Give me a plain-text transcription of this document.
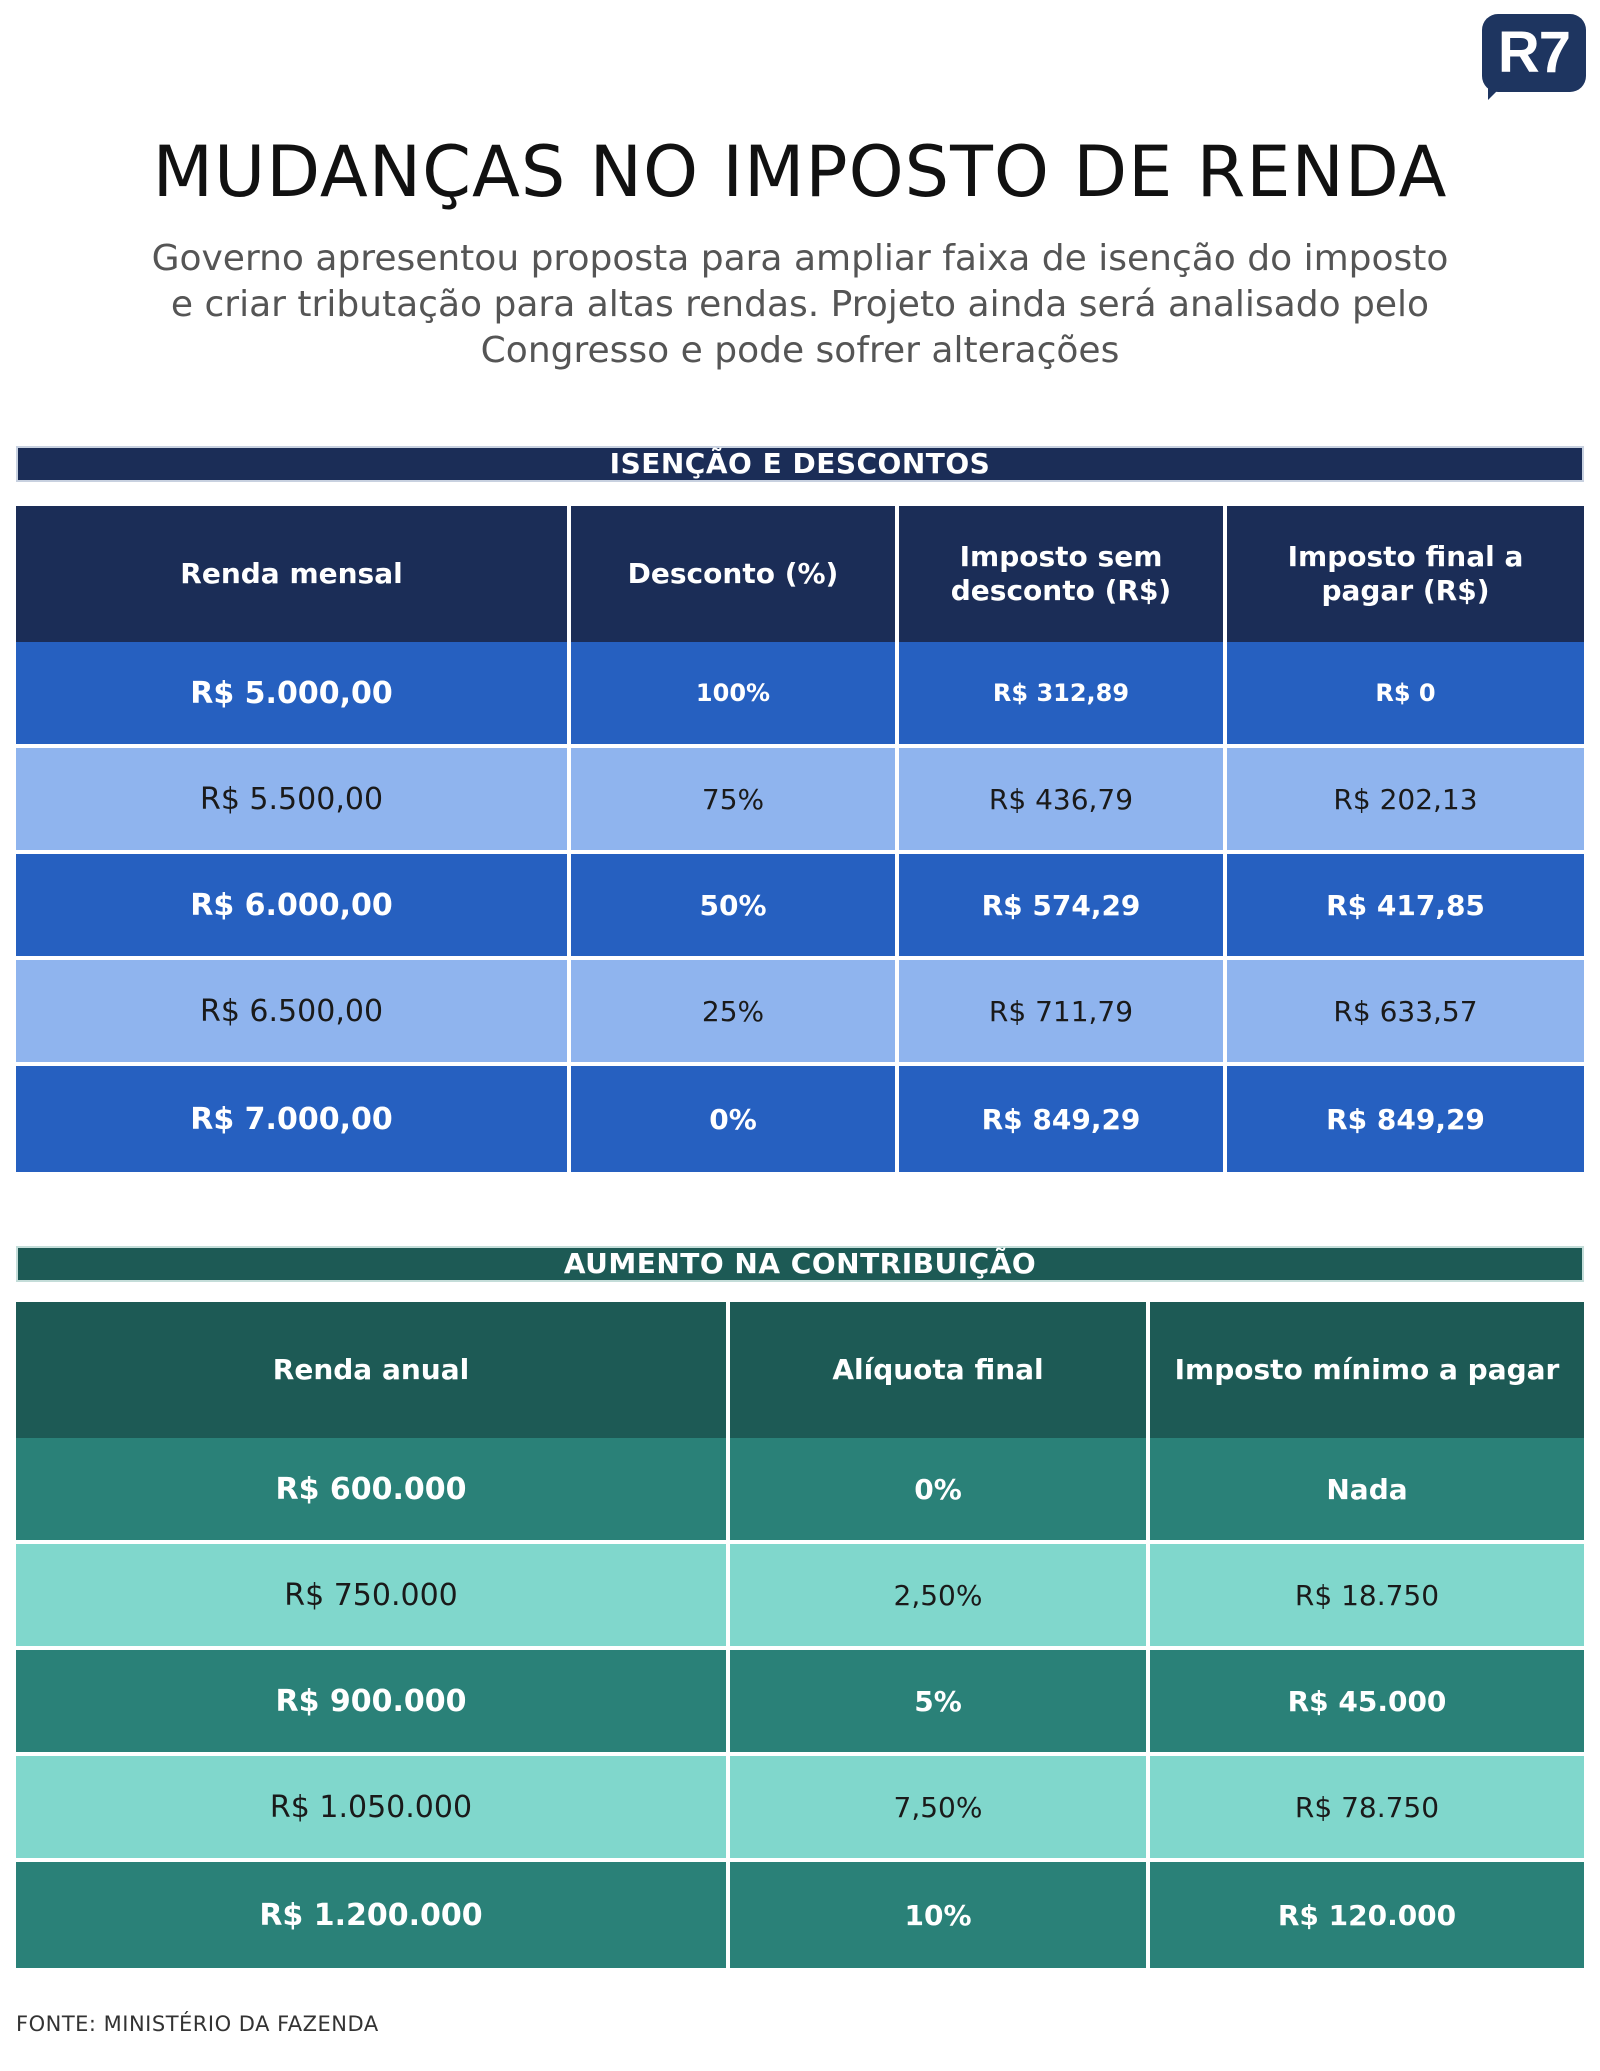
R7
MUDANÇAS NO IMPOSTO DE RENDA
Governo apresentou proposta para ampliar faixa de isenção do imposto e criar tributação para altas rendas. Projeto ainda será analisado pelo Congresso e pode sofrer alterações
ISENÇÃO E DESCONTOS
Renda mensal	Desconto (%)	Imposto sem desconto (R$)	Imposto final a pagar (R$)
R$ 5.000,00	100%	R$ 312,89	R$ 0
R$ 5.500,00	75%	R$ 436,79	R$ 202,13
R$ 6.000,00	50%	R$ 574,29	R$ 417,85
R$ 6.500,00	25%	R$ 711,79	R$ 633,57
R$ 7.000,00	0%	R$ 849,29	R$ 849,29
AUMENTO NA CONTRIBUIÇÃO
Renda anual	Alíquota final	Imposto mínimo a pagar
R$ 600.000	0%	Nada
R$ 750.000	2,50%	R$ 18.750
R$ 900.000	5%	R$ 45.000
R$ 1.050.000	7,50%	R$ 78.750
R$ 1.200.000	10%	R$ 120.000
FONTE: MINISTÉRIO DA FAZENDA
